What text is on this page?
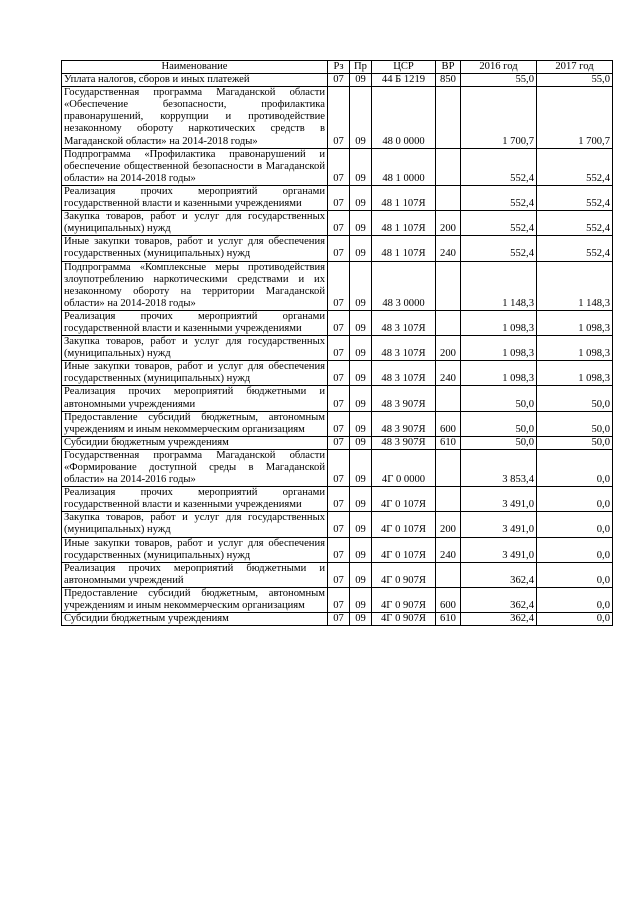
Наименование	Рз	Пр	ЦСР	ВР	2016 год	2017 год
Уплата налогов, сборов и иных платежей	07	09	44 Б 1219	850	55,0	55,0
Государственная программа Магаданской области «Обеспечение безопасности, профилактика правонарушений, коррупции и противодействие незаконному обороту наркотических средств в Магаданской области» на 2014-2018 годы»	07	09	48 0 0000		1 700,7	1 700,7
Подпрограмма «Профилактика правонарушений и обеспечение общественной безопасности в Магаданской области» на 2014-2018 годы»	07	09	48 1 0000		552,4	552,4
Реализация прочих мероприятий органами государственной власти и казенными учреждениями	07	09	48 1 107Я		552,4	552,4
Закупка товаров, работ и услуг для государственных (муниципальных) нужд	07	09	48 1 107Я	200	552,4	552,4
Иные закупки товаров, работ и услуг для обеспечения государственных (муниципальных) нужд	07	09	48 1 107Я	240	552,4	552,4
Подпрограмма «Комплексные меры противодействия злоупотреблению наркотическими средствами и их незаконному обороту на территории Магаданской области» на 2014-2018 годы»	07	09	48 3 0000		1 148,3	1 148,3
Реализация прочих мероприятий органами государственной власти и казенными учреждениями	07	09	48 3 107Я		1 098,3	1 098,3
Закупка товаров, работ и услуг для государственных (муниципальных) нужд	07	09	48 3 107Я	200	1 098,3	1 098,3
Иные закупки товаров, работ и услуг для обеспечения государственных (муниципальных) нужд	07	09	48 3 107Я	240	1 098,3	1 098,3
Реализация прочих мероприятий бюджетными и автономными учреждениями	07	09	48 3 907Я		50,0	50,0
Предоставление субсидий бюджетным, автономным учреждениям и иным некоммерческим организациям	07	09	48 3 907Я	600	50,0	50,0
Субсидии бюджетным учреждениям	07	09	48 3 907Я	610	50,0	50,0
Государственная программа Магаданской области «Формирование доступной среды в Магаданской области» на 2014-2016 годы»	07	09	4Г 0 0000		3 853,4	0,0
Реализация прочих мероприятий органами государственной власти и казенными учреждениями	07	09	4Г 0 107Я		3 491,0	0,0
Закупка товаров, работ и услуг для государственных (муниципальных) нужд	07	09	4Г 0 107Я	200	3 491,0	0,0
Иные закупки товаров, работ и услуг для обеспечения государственных (муниципальных) нужд	07	09	4Г 0 107Я	240	3 491,0	0,0
Реализация прочих мероприятий бюджетными и автономными учреждений	07	09	4Г 0 907Я		362,4	0,0
Предоставление субсидий бюджетным, автономным учреждениям и иным некоммерческим организациям	07	09	4Г 0 907Я	600	362,4	0,0
Субсидии бюджетным учреждениям	07	09	4Г 0 907Я	610	362,4	0,0
